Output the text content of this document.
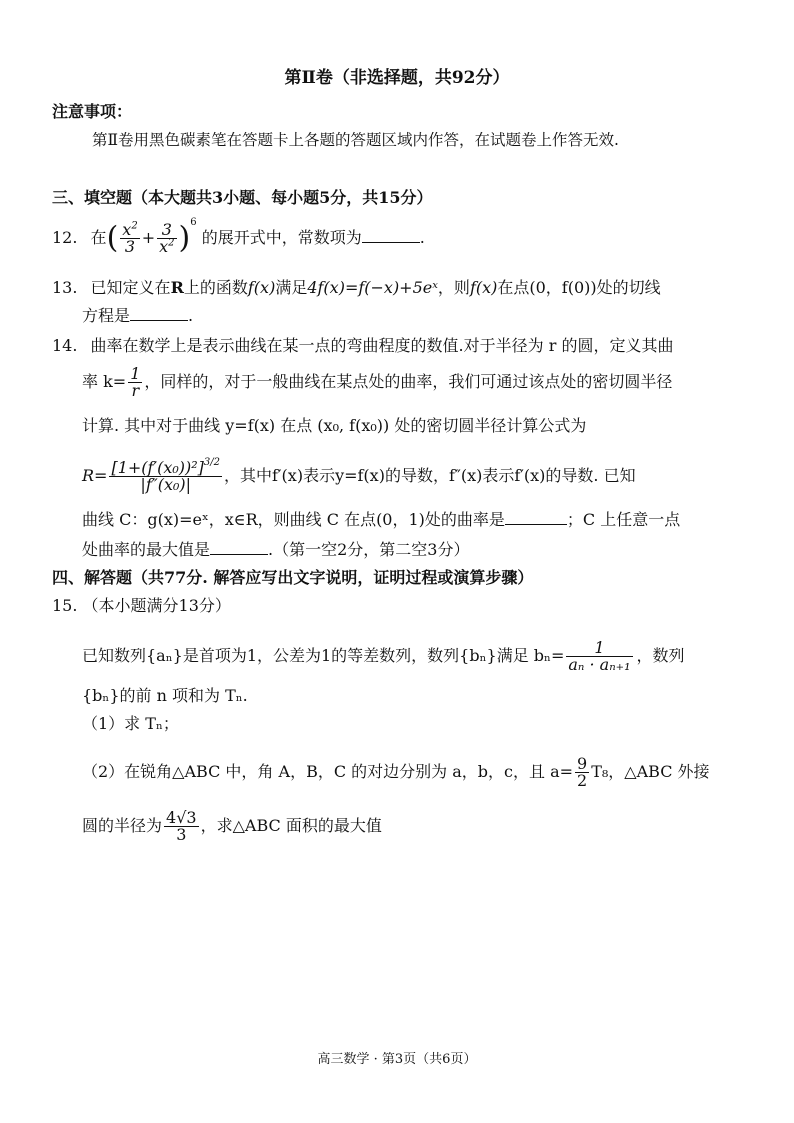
第Ⅱ卷（非选择题，共92分）
注意事项：
第Ⅱ卷用黑色碳素笔在答题卡上各题的答题区域内作答，在试题卷上作答无效.
三、填空题（本大题共3小题、每小题5分，共15分）
12. 在( $\frac{x^2}{3} + \frac{3}{x^2} )^6$ 的展开式中，常数项为	.
13. 已知定义在R上的函数f(x)满足4f(x)=f(−x)+5eˣ，则f(x)在点(0，f(0))处的切线
方程是	.
14. 曲率在数学上是表示曲线在某一点的弯曲程度的数值.对于半径为 r 的圆，定义其曲
率 $k= \frac{1}{r}$ ，同样的，对于一般曲线在某点处的曲率，我们可通过该点处的密切圆半径
计算. 其中对于曲线 y=f(x) 在点 (x₀, f(x₀)) 处的密切圆半径计算公式为
$R= \frac{[1+(f'(x_0))^2]^{3/2}}{\text{|f″(x₀)|}}$ ，其中f′(x)表示y=f(x)的导数，f″(x)表示f′(x)的导数. 已知
曲线 C：g(x)=eˣ，x∈R，则曲线 C 在点(0，1)处的曲率是	；C 上任意一点
处曲率的最大值是	.（第一空2分，第二空3分）
四、解答题（共77分. 解答应写出文字说明，证明过程或演算步骤）
15. （本小题满分13分）
已知数列{aₙ}是首项为1，公差为1的等差数列，数列{bₙ}满足 $b_n= \frac{1}{\text{aₙ · aₙ₊₁}}$ ，数列
{bₙ}的前 n 项和为 Tₙ.
（1）求 Tₙ；
（2）在锐角△ABC 中，角 A，B，C 的对边分别为 a，b，c，且 $a= \frac{9}{2} T_8$，△ABC 外接
圆的半径为 $\frac{4√3}{3}$ ，求△ABC 面积的最大值
高三数学 · 第3页（共6页）
